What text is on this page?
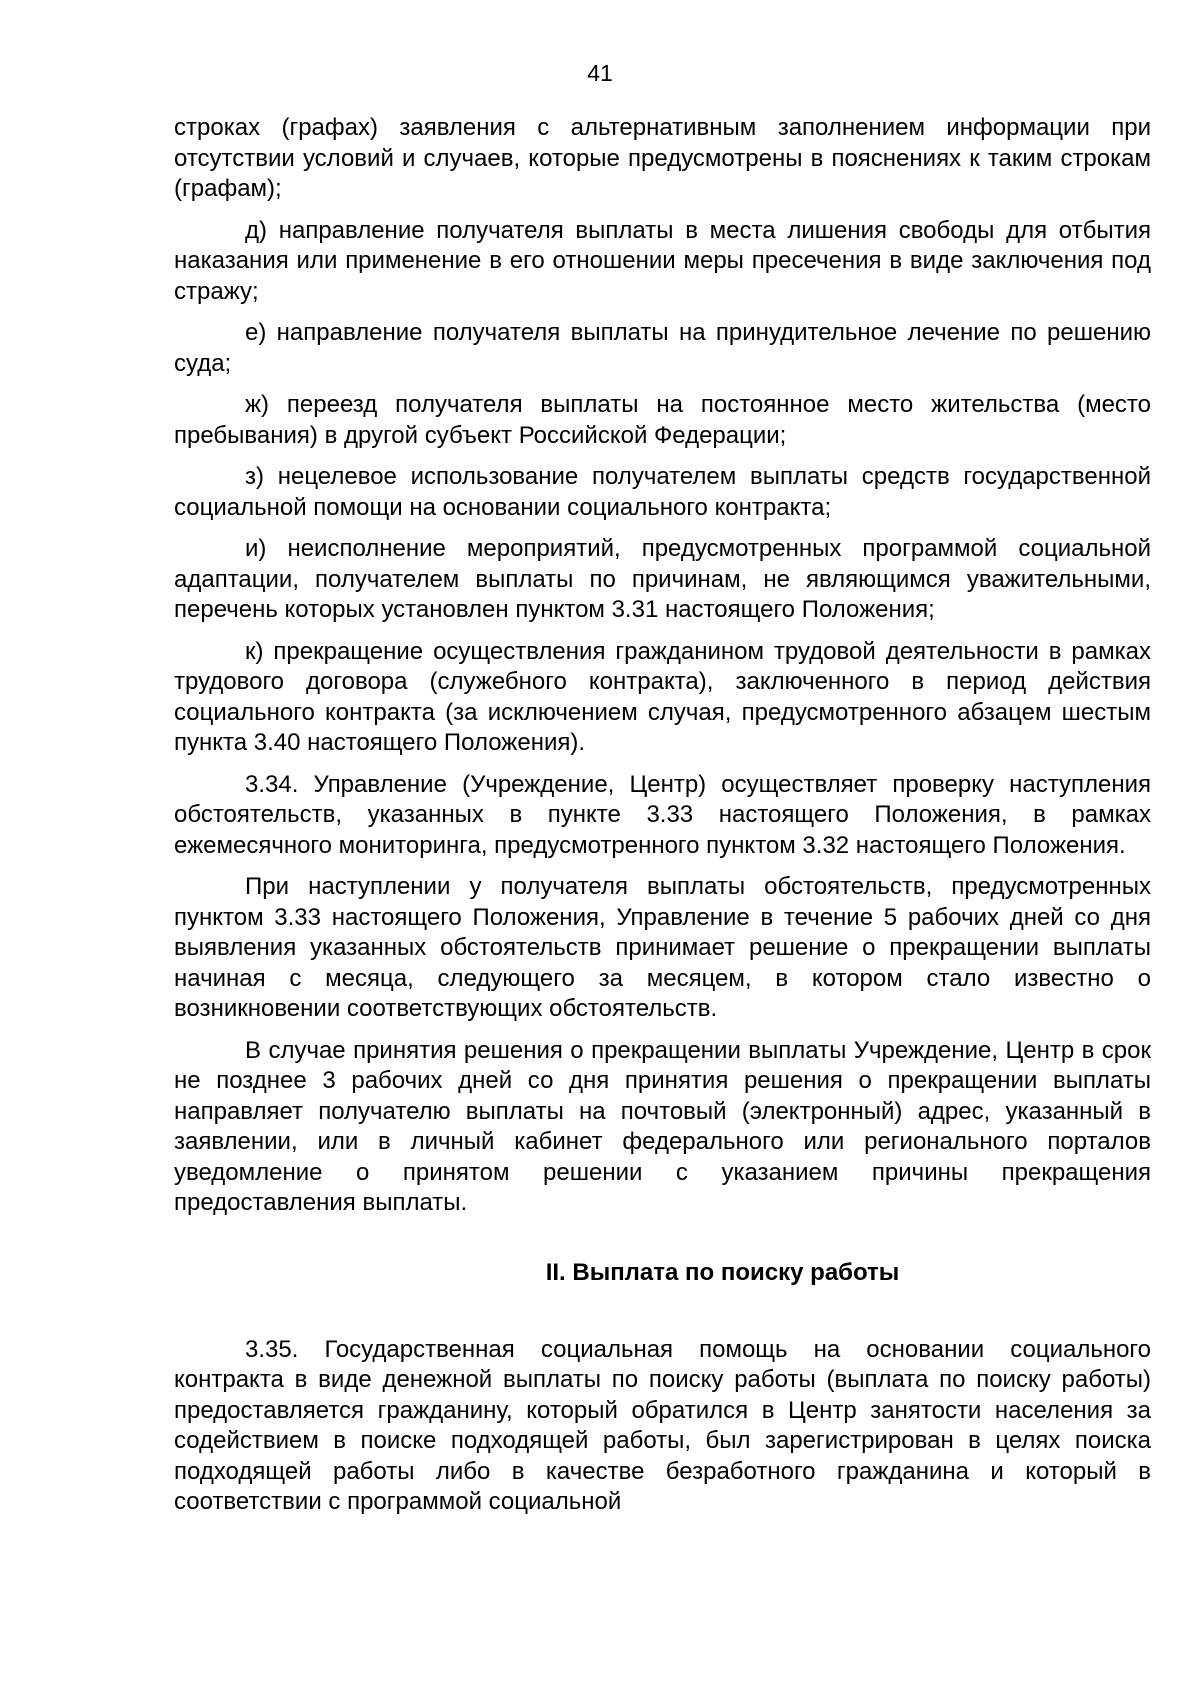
41

строках (графах) заявления с альтернативным заполнением информации при отсутствии условий и случаев, которые предусмотрены в пояснениях к таким строкам (графам);

д) направление получателя выплаты в места лишения свободы для отбытия наказания или применение в его отношении меры пресечения в виде заключения под стражу;

е) направление получателя выплаты на принудительное лечение по решению суда;

ж) переезд получателя выплаты на постоянное место жительства (место пребывания) в другой субъект Российской Федерации;

з) нецелевое использование получателем выплаты средств государственной социальной помощи на основании социального контракта;

и) неисполнение мероприятий, предусмотренных программой социальной адаптации, получателем выплаты по причинам, не являющимся уважительными, перечень которых установлен пунктом 3.31 настоящего Положения;

к) прекращение осуществления гражданином трудовой деятельности в рамках трудового договора (служебного контракта), заключенного в период действия социального контракта (за исключением случая, предусмотренного абзацем шестым пункта 3.40 настоящего Положения).

3.34. Управление (Учреждение, Центр) осуществляет проверку наступления обстоятельств, указанных в пункте 3.33 настоящего Положения, в рамках ежемесячного мониторинга, предусмотренного пунктом 3.32 настоящего Положения.

При наступлении у получателя выплаты обстоятельств, предусмотренных пунктом 3.33 настоящего Положения, Управление в течение 5 рабочих дней со дня выявления указанных обстоятельств принимает решение о прекращении выплаты начиная с месяца, следующего за месяцем, в котором стало известно о возникновении соответствующих обстоятельств.

В случае принятия решения о прекращении выплаты Учреждение, Центр в срок не позднее 3 рабочих дней со дня принятия решения о прекращении выплаты направляет получателю выплаты на почтовый (электронный) адрес, указанный в заявлении, или в личный кабинет федерального или регионального порталов уведомление о принятом решении с указанием причины прекращения предоставления выплаты.

II. Выплата по поиску работы

3.35. Государственная социальная помощь на основании социального контракта в виде денежной выплаты по поиску работы (выплата по поиску работы) предоставляется гражданину, который обратился в Центр занятости населения за содействием в поиске подходящей работы, был зарегистрирован в целях поиска подходящей работы либо в качестве безработного гражданина и который в соответствии с программой социальной
